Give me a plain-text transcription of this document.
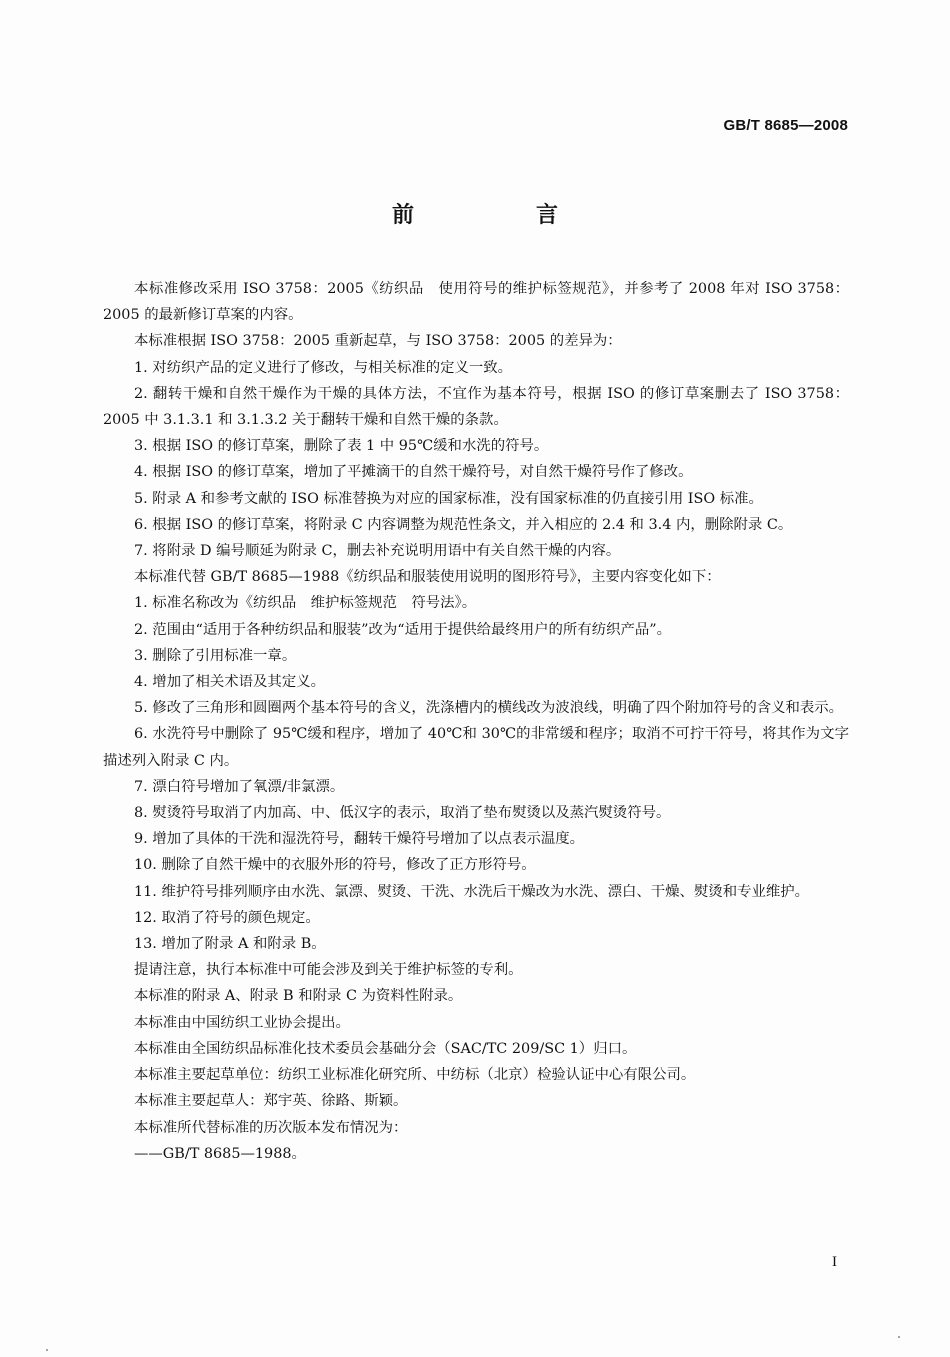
GB/T 8685—2008
前　言

本标准修改采用 ISO 3758：2005《纺织品　使用符号的维护标签规范》，并参考了 2008 年对 ISO 3758：2005 的最新修订草案的内容。

本标准根据 ISO 3758：2005 重新起草，与 ISO 3758：2005 的差异为：

1. 对纺织产品的定义进行了修改，与相关标准的定义一致。

2. 翻转干燥和自然干燥作为干燥的具体方法，不宜作为基本符号，根据 ISO 的修订草案删去了 ISO 3758：2005 中 3.1.3.1 和 3.1.3.2 关于翻转干燥和自然干燥的条款。

3. 根据 ISO 的修订草案，删除了表 1 中 95℃缓和水洗的符号。

4. 根据 ISO 的修订草案，增加了平摊滴干的自然干燥符号，对自然干燥符号作了修改。

5. 附录 A 和参考文献的 ISO 标准替换为对应的国家标准，没有国家标准的仍直接引用 ISO 标准。

6. 根据 ISO 的修订草案，将附录 C 内容调整为规范性条文，并入相应的 2.4 和 3.4 内，删除附录 C。

7. 将附录 D 编号顺延为附录 C，删去补充说明用语中有关自然干燥的内容。

本标准代替 GB/T 8685—1988《纺织品和服装使用说明的图形符号》，主要内容变化如下：

1. 标准名称改为《纺织品　维护标签规范　符号法》。

2. 范围由“适用于各种纺织品和服装”改为“适用于提供给最终用户的所有纺织产品”。

3. 删除了引用标准一章。

4. 增加了相关术语及其定义。

5. 修改了三角形和圆圈两个基本符号的含义，洗涤槽内的横线改为波浪线，明确了四个附加符号的含义和表示。

6. 水洗符号中删除了 95℃缓和程序，增加了 40℃和 30℃的非常缓和程序；取消不可拧干符号，将其作为文字描述列入附录 C 内。

7. 漂白符号增加了氧漂/非氯漂。

8. 熨烫符号取消了内加高、中、低汉字的表示，取消了垫布熨烫以及蒸汽熨烫符号。

9. 增加了具体的干洗和湿洗符号，翻转干燥符号增加了以点表示温度。

10. 删除了自然干燥中的衣服外形的符号，修改了正方形符号。

11. 维护符号排列顺序由水洗、氯漂、熨烫、干洗、水洗后干燥改为水洗、漂白、干燥、熨烫和专业维护。

12. 取消了符号的颜色规定。

13. 增加了附录 A 和附录 B。

提请注意，执行本标准中可能会涉及到关于维护标签的专利。

本标准的附录 A、附录 B 和附录 C 为资料性附录。

本标准由中国纺织工业协会提出。

本标准由全国纺织品标准化技术委员会基础分会（SAC/TC 209/SC 1）归口。

本标准主要起草单位：纺织工业标准化研究所、中纺标（北京）检验认证中心有限公司。

本标准主要起草人：郑宇英、徐路、斯颖。

本标准所代替标准的历次版本发布情况为：

——GB/T 8685—1988。

I
